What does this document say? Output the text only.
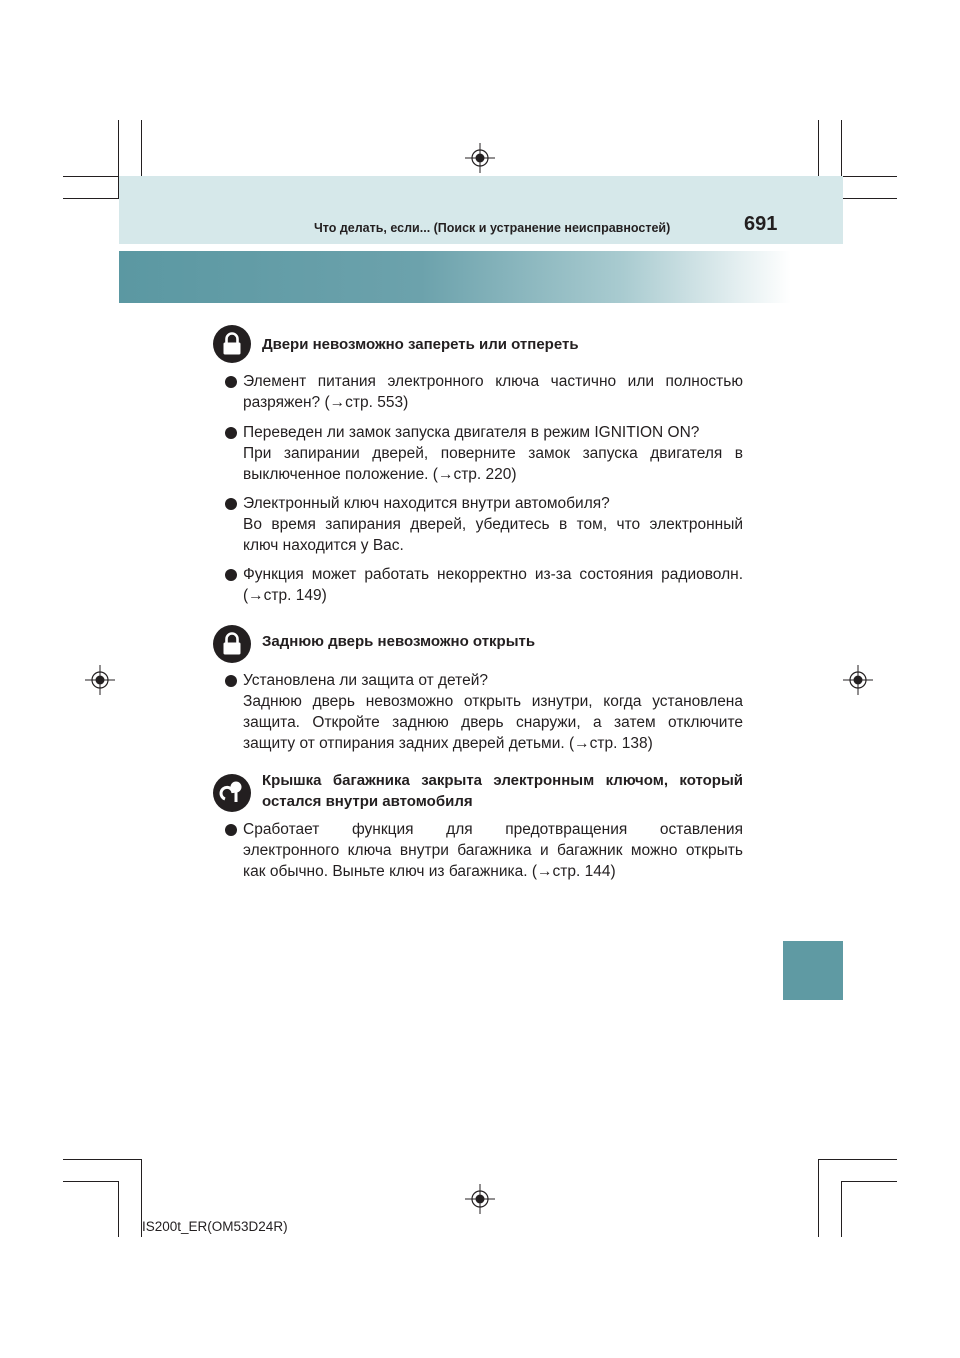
Что делать, если... (Поиск и устранение неисправностей)	691
Двери невозможно запереть или отпереть
Элемент питания электронного ключа частично или полностью
разряжен? (→стр. 553)
Переведен ли замок запуска двигателя в режим IGNITION ON?
При запирании дверей, поверните замок запуска двигателя в
выключенное положение. (→стр. 220)
Электронный ключ находится внутри автомобиля?
Во время запирания дверей, убедитесь в том, что электронный
ключ находится у Вас.
Функция может работать некорректно из-за состояния радиоволн.
(→стр. 149)
Заднюю дверь невозможно открыть
Установлена ли защита от детей?
Заднюю дверь невозможно открыть изнутри, когда установлена
защита. Откройте заднюю дверь снаружи, а затем отключите
защиту от отпирания задних дверей детьми. (→стр. 138)
Крышка багажника закрыта электронным ключом, который
остался внутри автомобиля
Сработает функция для предотвращения оставления
электронного ключа внутри багажника и багажник можно открыть
как обычно. Выньте ключ из багажника. (→стр. 144)
IS200t_ER(OM53D24R)
